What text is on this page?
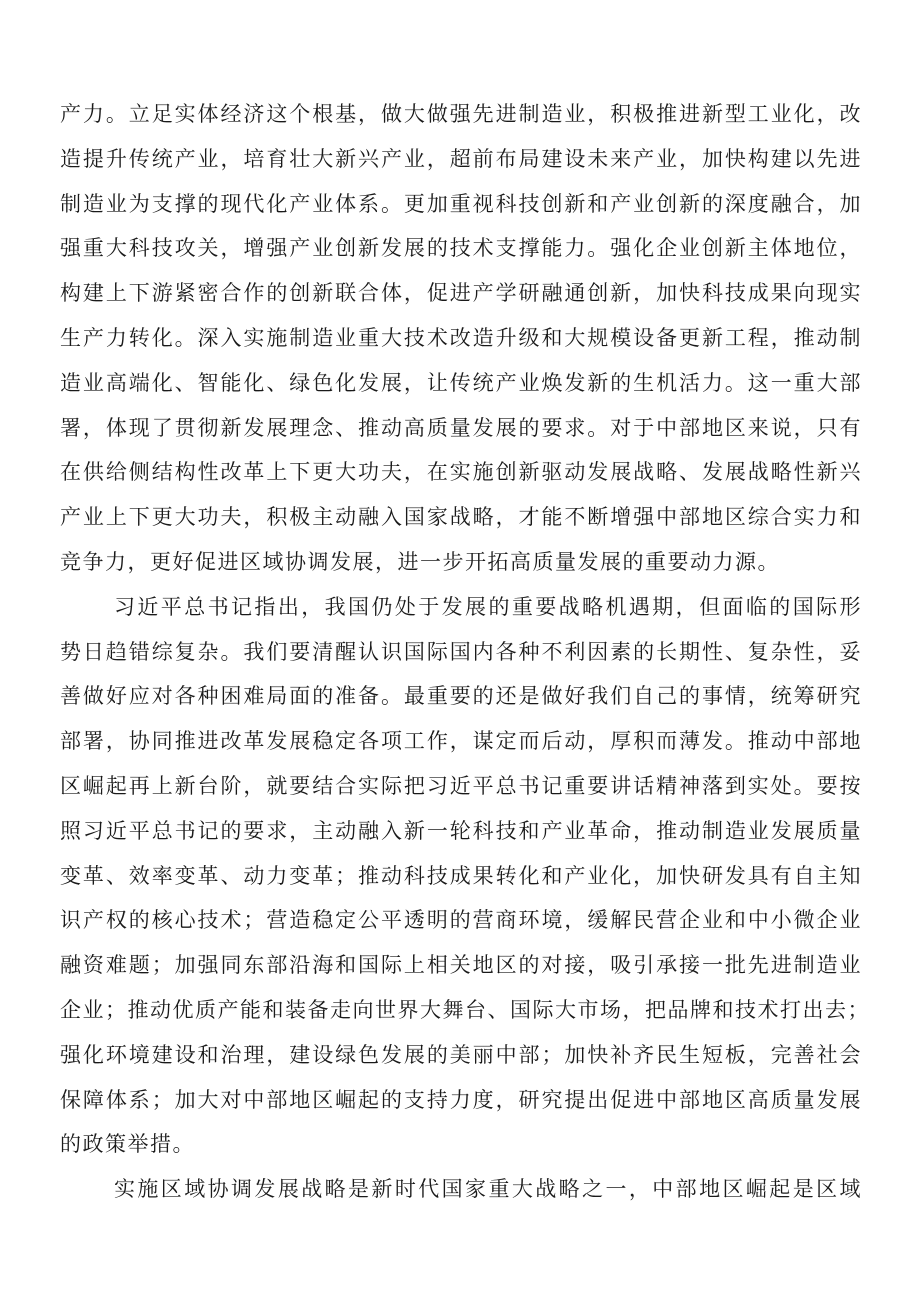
产力。立足实体经济这个根基，做大做强先进制造业，积极推进新型工业化，改
造提升传统产业，培育壮大新兴产业，超前布局建设未来产业，加快构建以先进
制造业为支撑的现代化产业体系。更加重视科技创新和产业创新的深度融合，加
强重大科技攻关，增强产业创新发展的技术支撑能力。强化企业创新主体地位，
构建上下游紧密合作的创新联合体，促进产学研融通创新，加快科技成果向现实
生产力转化。深入实施制造业重大技术改造升级和大规模设备更新工程，推动制
造业高端化、智能化、绿色化发展，让传统产业焕发新的生机活力。这一重大部
署，体现了贯彻新发展理念、推动高质量发展的要求。对于中部地区来说，只有
在供给侧结构性改革上下更大功夫，在实施创新驱动发展战略、发展战略性新兴
产业上下更大功夫，积极主动融入国家战略，才能不断增强中部地区综合实力和
竞争力，更好促进区域协调发展，进一步开拓高质量发展的重要动力源。
习近平总书记指出，我国仍处于发展的重要战略机遇期，但面临的国际形
势日趋错综复杂。我们要清醒认识国际国内各种不利因素的长期性、复杂性，妥
善做好应对各种困难局面的准备。最重要的还是做好我们自己的事情，统筹研究
部署，协同推进改革发展稳定各项工作，谋定而后动，厚积而薄发。推动中部地
区崛起再上新台阶，就要结合实际把习近平总书记重要讲话精神落到实处。要按
照习近平总书记的要求，主动融入新一轮科技和产业革命，推动制造业发展质量
变革、效率变革、动力变革；推动科技成果转化和产业化，加快研发具有自主知
识产权的核心技术；营造稳定公平透明的营商环境，缓解民营企业和中小微企业
融资难题；加强同东部沿海和国际上相关地区的对接，吸引承接一批先进制造业
企业；推动优质产能和装备走向世界大舞台、国际大市场，把品牌和技术打出去；
强化环境建设和治理，建设绿色发展的美丽中部；加快补齐民生短板，完善社会
保障体系；加大对中部地区崛起的支持力度，研究提出促进中部地区高质量发展
的政策举措。
实施区域协调发展战略是新时代国家重大战略之一，中部地区崛起是区域
